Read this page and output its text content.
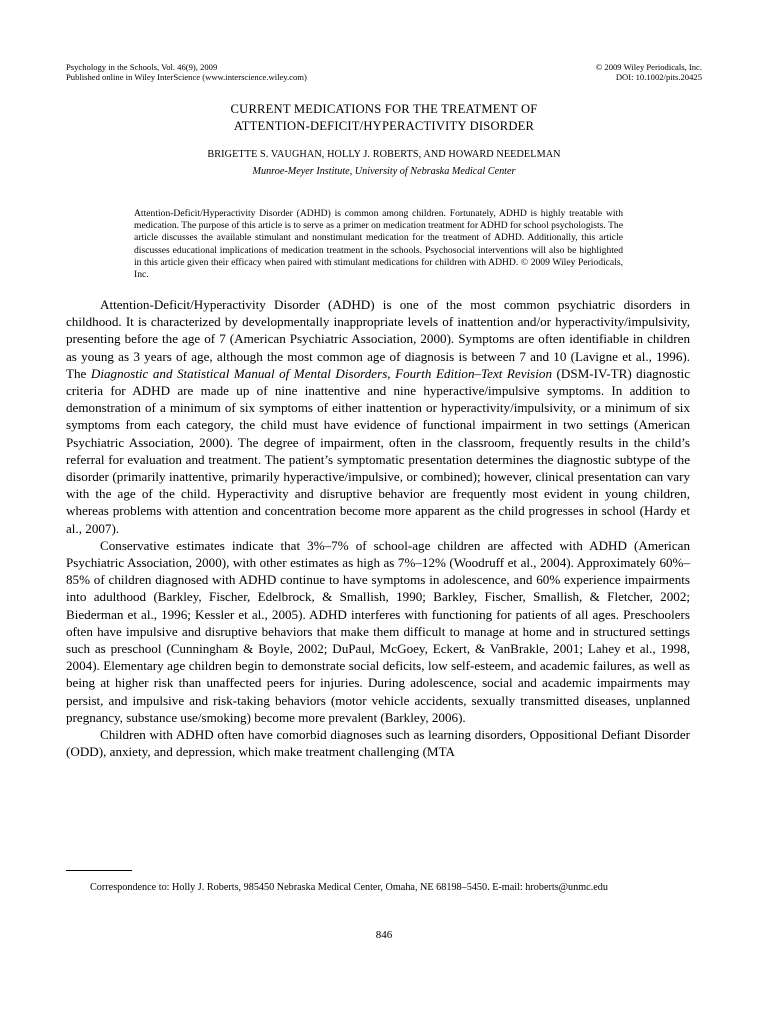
Psychology in the Schools, Vol. 46(9), 2009
Published online in Wiley InterScience (www.interscience.wiley.com)
© 2009 Wiley Periodicals, Inc.
DOI: 10.1002/pits.20425
CURRENT MEDICATIONS FOR THE TREATMENT OF
ATTENTION-DEFICIT/HYPERACTIVITY DISORDER
BRIGETTE S. VAUGHAN, HOLLY J. ROBERTS, AND HOWARD NEEDELMAN
Munroe-Meyer Institute, University of Nebraska Medical Center
Attention-Deficit/Hyperactivity Disorder (ADHD) is common among children. Fortunately, ADHD is highly treatable with medication. The purpose of this article is to serve as a primer on medication treatment for ADHD for school psychologists. The article discusses the available stimulant and nonstimulant medication for the treatment of ADHD. Additionally, this article discusses educational implications of medication treatment in the schools. Psychosocial interventions will also be highlighted in this article given their efficacy when paired with stimulant medications for children with ADHD. © 2009 Wiley Periodicals, Inc.

Attention-Deficit/Hyperactivity Disorder (ADHD) is one of the most common psychiatric disorders in childhood. It is characterized by developmentally inappropriate levels of inattention and/or hyperactivity/impulsivity, presenting before the age of 7 (American Psychiatric Association, 2000). Symptoms are often identifiable in children as young as 3 years of age, although the most common age of diagnosis is between 7 and 10 (Lavigne et al., 1996). The Diagnostic and Statistical Manual of Mental Disorders, Fourth Edition–Text Revision (DSM-IV-TR) diagnostic criteria for ADHD are made up of nine inattentive and nine hyperactive/impulsive symptoms. In addition to demonstration of a minimum of six symptoms of either inattention or hyperactivity/impulsivity, or a minimum of six symptoms from each category, the child must have evidence of functional impairment in two settings (American Psychiatric Association, 2000). The degree of impairment, often in the classroom, frequently results in the child’s referral for evaluation and treatment. The patient’s symptomatic presentation determines the diagnostic subtype of the disorder (primarily inattentive, primarily hyperactive/impulsive, or combined); however, clinical presentation can vary with the age of the child. Hyperactivity and disruptive behavior are frequently most evident in young children, whereas problems with attention and concentration become more apparent as the child progresses in school (Hardy et al., 2007).

Conservative estimates indicate that 3%–7% of school-age children are affected with ADHD (American Psychiatric Association, 2000), with other estimates as high as 7%–12% (Woodruff et al., 2004). Approximately 60%–85% of children diagnosed with ADHD continue to have symptoms in adolescence, and 60% experience impairments into adulthood (Barkley, Fischer, Edelbrock, & Smallish, 1990; Barkley, Fischer, Smallish, & Fletcher, 2002; Biederman et al., 1996; Kessler et al., 2005). ADHD interferes with functioning for patients of all ages. Preschoolers often have impulsive and disruptive behaviors that make them difficult to manage at home and in structured settings such as preschool (Cunningham & Boyle, 2002; DuPaul, McGoey, Eckert, & VanBrakle, 2001; Lahey et al., 1998, 2004). Elementary age children begin to demonstrate social deficits, low self-esteem, and academic failures, as well as being at higher risk than unaffected peers for injuries. During adolescence, social and academic impairments may persist, and impulsive and risk-taking behaviors (motor vehicle accidents, sexually transmitted diseases, unplanned pregnancy, substance use/smoking) become more prevalent (Barkley, 2006).

Children with ADHD often have comorbid diagnoses such as learning disorders, Oppositional Defiant Disorder (ODD), anxiety, and depression, which make treatment challenging (MTA

Correspondence to: Holly J. Roberts, 985450 Nebraska Medical Center, Omaha, NE 68198–5450. E-mail: hroberts@unmc.edu
846
